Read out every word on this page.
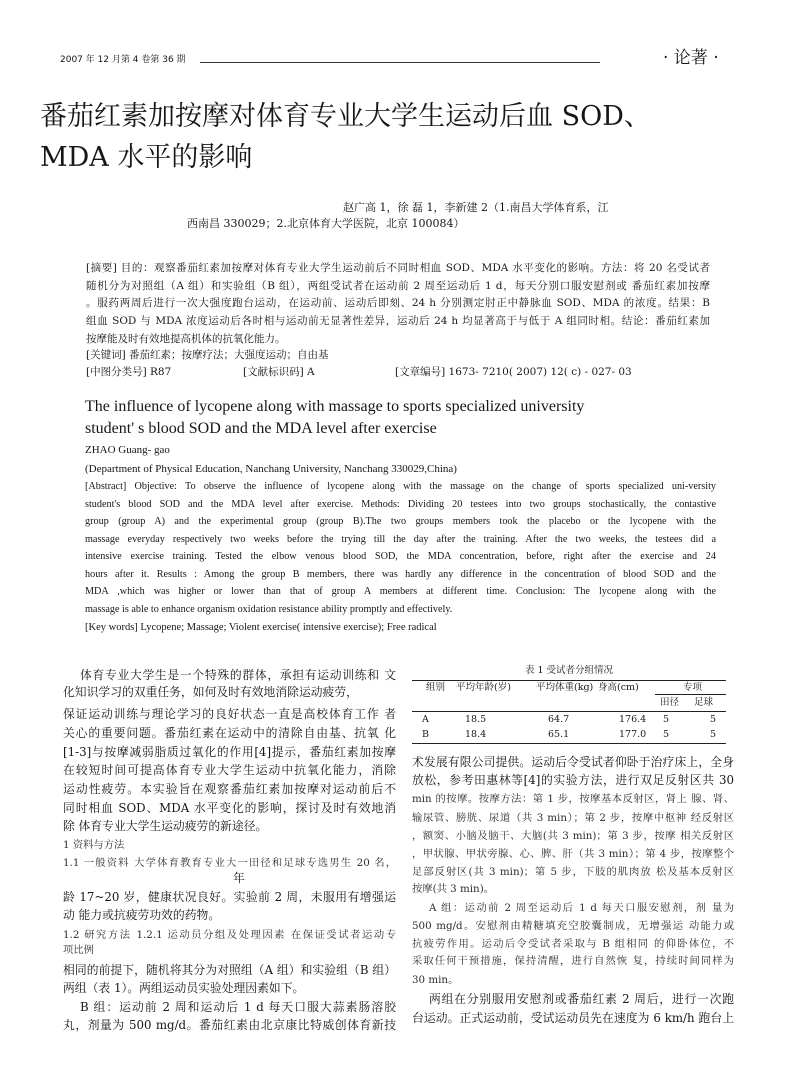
2007 年 12 月第 4 卷第 36 期	· 论著 ·
番茄红素加按摩对体育专业大学生运动后血 SOD、
MDA 水平的影响
赵广高 1，徐 磊 1，李新建 2（1.南昌大学体育系，江
西南昌 330029；2.北京体育大学医院，北京 100084）
[摘要] 目的：观察番茄红素加按摩对体育专业大学生运动前后不同时相血 SOD、MDA 水平变化的影响。方法：将 20 名受试者
随机分为对照组（A 组）和实验组（B 组），两组受试者在运动前 2 周至运动后 1 d，每天分别口服安慰剂或 番茄红素加按摩
。服药两周后进行一次大强度跑台运动，在运动前、运动后即刻、24 h 分别测定肘正中静脉血 SOD、MDA 的浓度。结果：B
组血 SOD 与 MDA 浓度运动后各时相与运动前无显著性差异，运动后 24 h 均显著高于与低于 A 组同时相。结论：番茄红素加
按摩能及时有效地提高机体的抗氧化能力。
[关键词] 番茄红素；按摩疗法；大强度运动；自由基
[中图分类号] R87	[文献标识码] A	[文章编号] 1673- 7210( 2007) 12( c) - 027- 03
The influence of lycopene along with massage to sports specialized university
student' s blood SOD and the MDA level after exercise
ZHAO Guang- gao
(Department of Physical Education, Nanchang University, Nanchang 330029,China)
[Abstract] Objective: To observe the influence of lycopene along with the massage on the change of sports specialized uni-versity
student's blood SOD and the MDA level after exercise. Methods: Dividing 20 testees into two groups stochastically, the contastive
group (group A) and the experimental group (group B).The two groups members took the placebo or the lycopene with the
massage everyday respectively two weeks before the trying till the day after the training. After the two weeks, the testees did a
intensive exercise training. Tested the elbow venous blood SOD, the MDA concentration, before, right after the exercise and 24
hours after it. Results : Among the group B members, there was hardly any difference in the concentration of blood SOD and the
MDA ,which was higher or lower than that of group A members at different time. Conclusion: The lycopene along with the
massage is able to enhance organism oxidation resistance ability promptly and effectively.
[Key words] Lycopene; Massage; Violent exercise( intensive exercise); Free radical
体育专业大学生是一个特殊的群体，承担有运动训练和 文
化知识学习的双重任务，如何及时有效地消除运动疲劳，
保证运动训练与理论学习的良好状态一直是高校体育工作 者
关心的重要问题。番茄红素在运动中的清除自由基、抗氧 化
[1-3]与按摩减弱脂质过氧化的作用[4]提示，番茄红素加按摩
在较短时间可提高体育专业大学生运动中抗氧化能力，消除
运动性疲劳。本实验旨在观察番茄红素加按摩对运动前后不
同时相血 SOD、MDA 水平变化的影响，探讨及时有效地消
除 体育专业大学生运动疲劳的新途径。
1 资料与方法
1.1 一般资料 大学体育教育专业大一田径和足球专选男生 20 名，
年
龄 17~20 岁，健康状况良好。实验前 2 周，未服用有增强运
动 能力或抗疲劳功效的药物。
1.2 研究方法 1.2.1 运动员分组及处理因素 在保证受试者运动专
项比例
相同的前提下，随机将其分为对照组（A 组）和实验组（B 组）
两组（表 1）。两组运动员实验处理因素如下。
B 组：运动前 2 周和运动后 1 d 每天口服大蒜素肠溶胶
丸，剂量为 500 mg/d。番茄红素由北京康比特威创体育新技
表 1 受试者分组情况
组别 平均年龄(岁)	平均体重(kg) 身高(cm)	专项
田径 足球
A	18.5	64.7	176.4 5	5
B	18.4	65.1	177.0 5	5
术发展有限公司提供。运动后令受试者仰卧于治疗床上，全身
放松，参考田惠林等[4]的实验方法，进行双足反射区共 30
min 的按摩。按摩方法：第 1 步，按摩基本反射区，肾上 腺、肾、
输尿管、膀胱、尿道（共 3 min）；第 2 步，按摩中枢神 经反射区
，额窦、小脑及脑干、大脑(共 3 min)；第 3 步，按摩 相关反射区
，甲状腺、甲状旁腺、心、脾、肝（共 3 min）；第 4 步，按摩整个
足部反射区(共 3 min)；第 5 步，下肢的肌肉放 松及基本反射区
按摩(共 3 min)。
A 组：运动前 2 周至运动后 1 d 每天口服安慰剂，剂 量为
500 mg/d。安慰剂由精糖填充空胶囊制成，无增强运 动能力或
抗疲劳作用。运动后令受试者采取与 B 组相同 的仰卧体位，不
采取任何干预措施，保持清醒，进行自然恢 复，持续时间同样为
30 min。
两组在分别服用安慰剂或番茄红素 2 周后，进行一次跑
台运动。正式运动前，受试运动员先在速度为 6 km/h 跑台上
